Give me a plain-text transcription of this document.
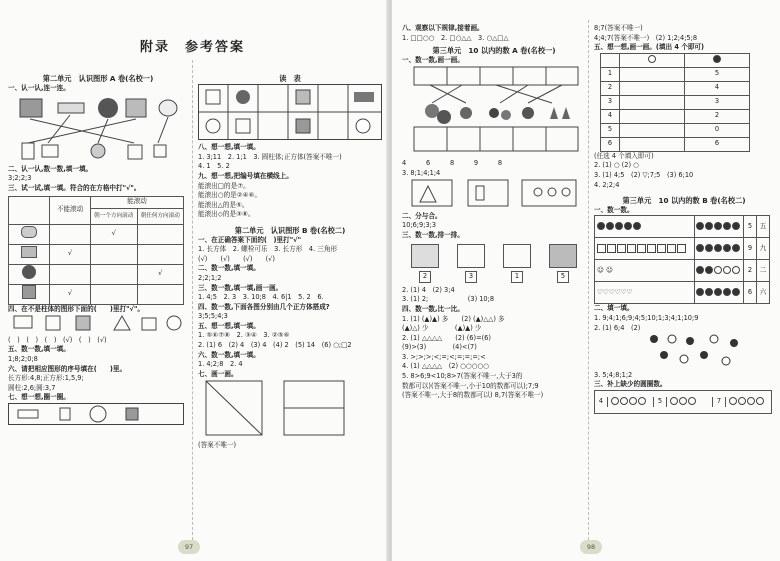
附录　参考答案
第二单元　认识图形 A 卷(名校一)
一、认一认,连一连。
二、认一认,数一数,填一填。
3;2;2;3
三、试一试,填一填。符合的在方格中打"√"。
	不能滚动	能滚动	
		朝一个方向滚动	朝任何方向滚动
		√	
	√		
			√
	√		
四、在不是柱体的图形下面的(　　)里打"√"。
(　)　(　)　(　)　(√)　(　)　(√)
五、数一数,填一填。
1;8;2;0;8
六、请把相应图形的序号填在(　　)里。
长方形:4,8;正方形:1,5,9;
圆柱:2,6;圆:3,7
七、想一想,圈一圈。
读　表
八、想一想,填一填。
1. 3;11　2. 1;1　3. 圆柱体;正方体(答案不唯一)
4. 1　5. 2
九、想一想,把编号填在横线上。
能滚出□的是⑦。
能滚出○的是②④⑥。
能滚出△的是⑤。
能滚出◇的是③⑧。
第二单元　认识图形 B 卷(名校二)
一、在正确答案下面的(　)里打"√"
1. 长方体　2. 螺栓可乐　3. 长方形　4. 三角形
(√)　　(√)　　(√)　　(√)
二、数一数,填一填。
2;2;1;2
三、数一数,填一填,画一画。
1. 4;5　2. 3　3. 10;8　4. 6|1　5. 2　6.
四、数一数,下面各图分别由几个正方体搭成?
3;5;5;4;3
五、想一想,填一填。
1. ⑤⑥⑦⑧　2. ③④　3. ②⑤⑥
2. (1) 6　(2) 4　(3) 4　(4) 2　(5) 14　(6) ○;□2
六、数一数,填一填。
1. 4;2;8　2. 4
七、画一画。
(答案不唯一)
97
八、观察以下规律,接着画。
1. □□○○　2. □○△△　3. ○△□△
第三单元　10 以内的数 A 卷(名校一)
一、数一数,画一画。
4　　　6　　　8　　　9　　　8
3. 8;1;4;1;4
二、分与合。
10;6;9;3;3
三、数一数,排一排。

2	3	1	5
2. (1) 4　(2) 3;4
3. (1) 2;　　　　　　(3) 10;8
四、数一数,比一比。
1. (1) (▲)▲) 多　　(2) (▲)△△) 多
(▲)△) 少　　　　(▲)▲) 少
2. (1) △△△△　　(2) (6)=(6)
(9)>(3)　　　　(4)<(7)
3. >;>;>;<;=;<;=;=;=;<
4. (1) △△△△　(2) ○○○○○
5. 8>6;9<10;8>7(答案不唯一,大于3的
数都可以)(答案不唯一,小于10的数都可以);7;9
(答案不唯一,大于8的数都可以) 8,7(答案不唯一)
8;7(答案不唯一)
4;4;7(答案不唯一)　(2) 1;2;4;5;8
五、想一想,画一画。(填出 4 个即可)

1		5
2		4
3		3
4		2
5		0
6		6
(任选 4 个填入即可)
2. (1) ○ (2) ○
3. (1) 4;5　(2) ▽;7;5　(3) 6;10
4. 2;2;4
第三单元　10 以内的数 B 卷(名校二)
一、数一数。
		5	五
		9	九
☺ ☺		2	二
♡♡♡♡♡♡		6	六
二、填一填。
1. 9;4;1;6;9;4;5;10;1;3;4;1;10;9
2. (1) 6;4　(2)
3. 5;4;8;1;2
三、补上缺少的圆圈数。
4	5	7
98
